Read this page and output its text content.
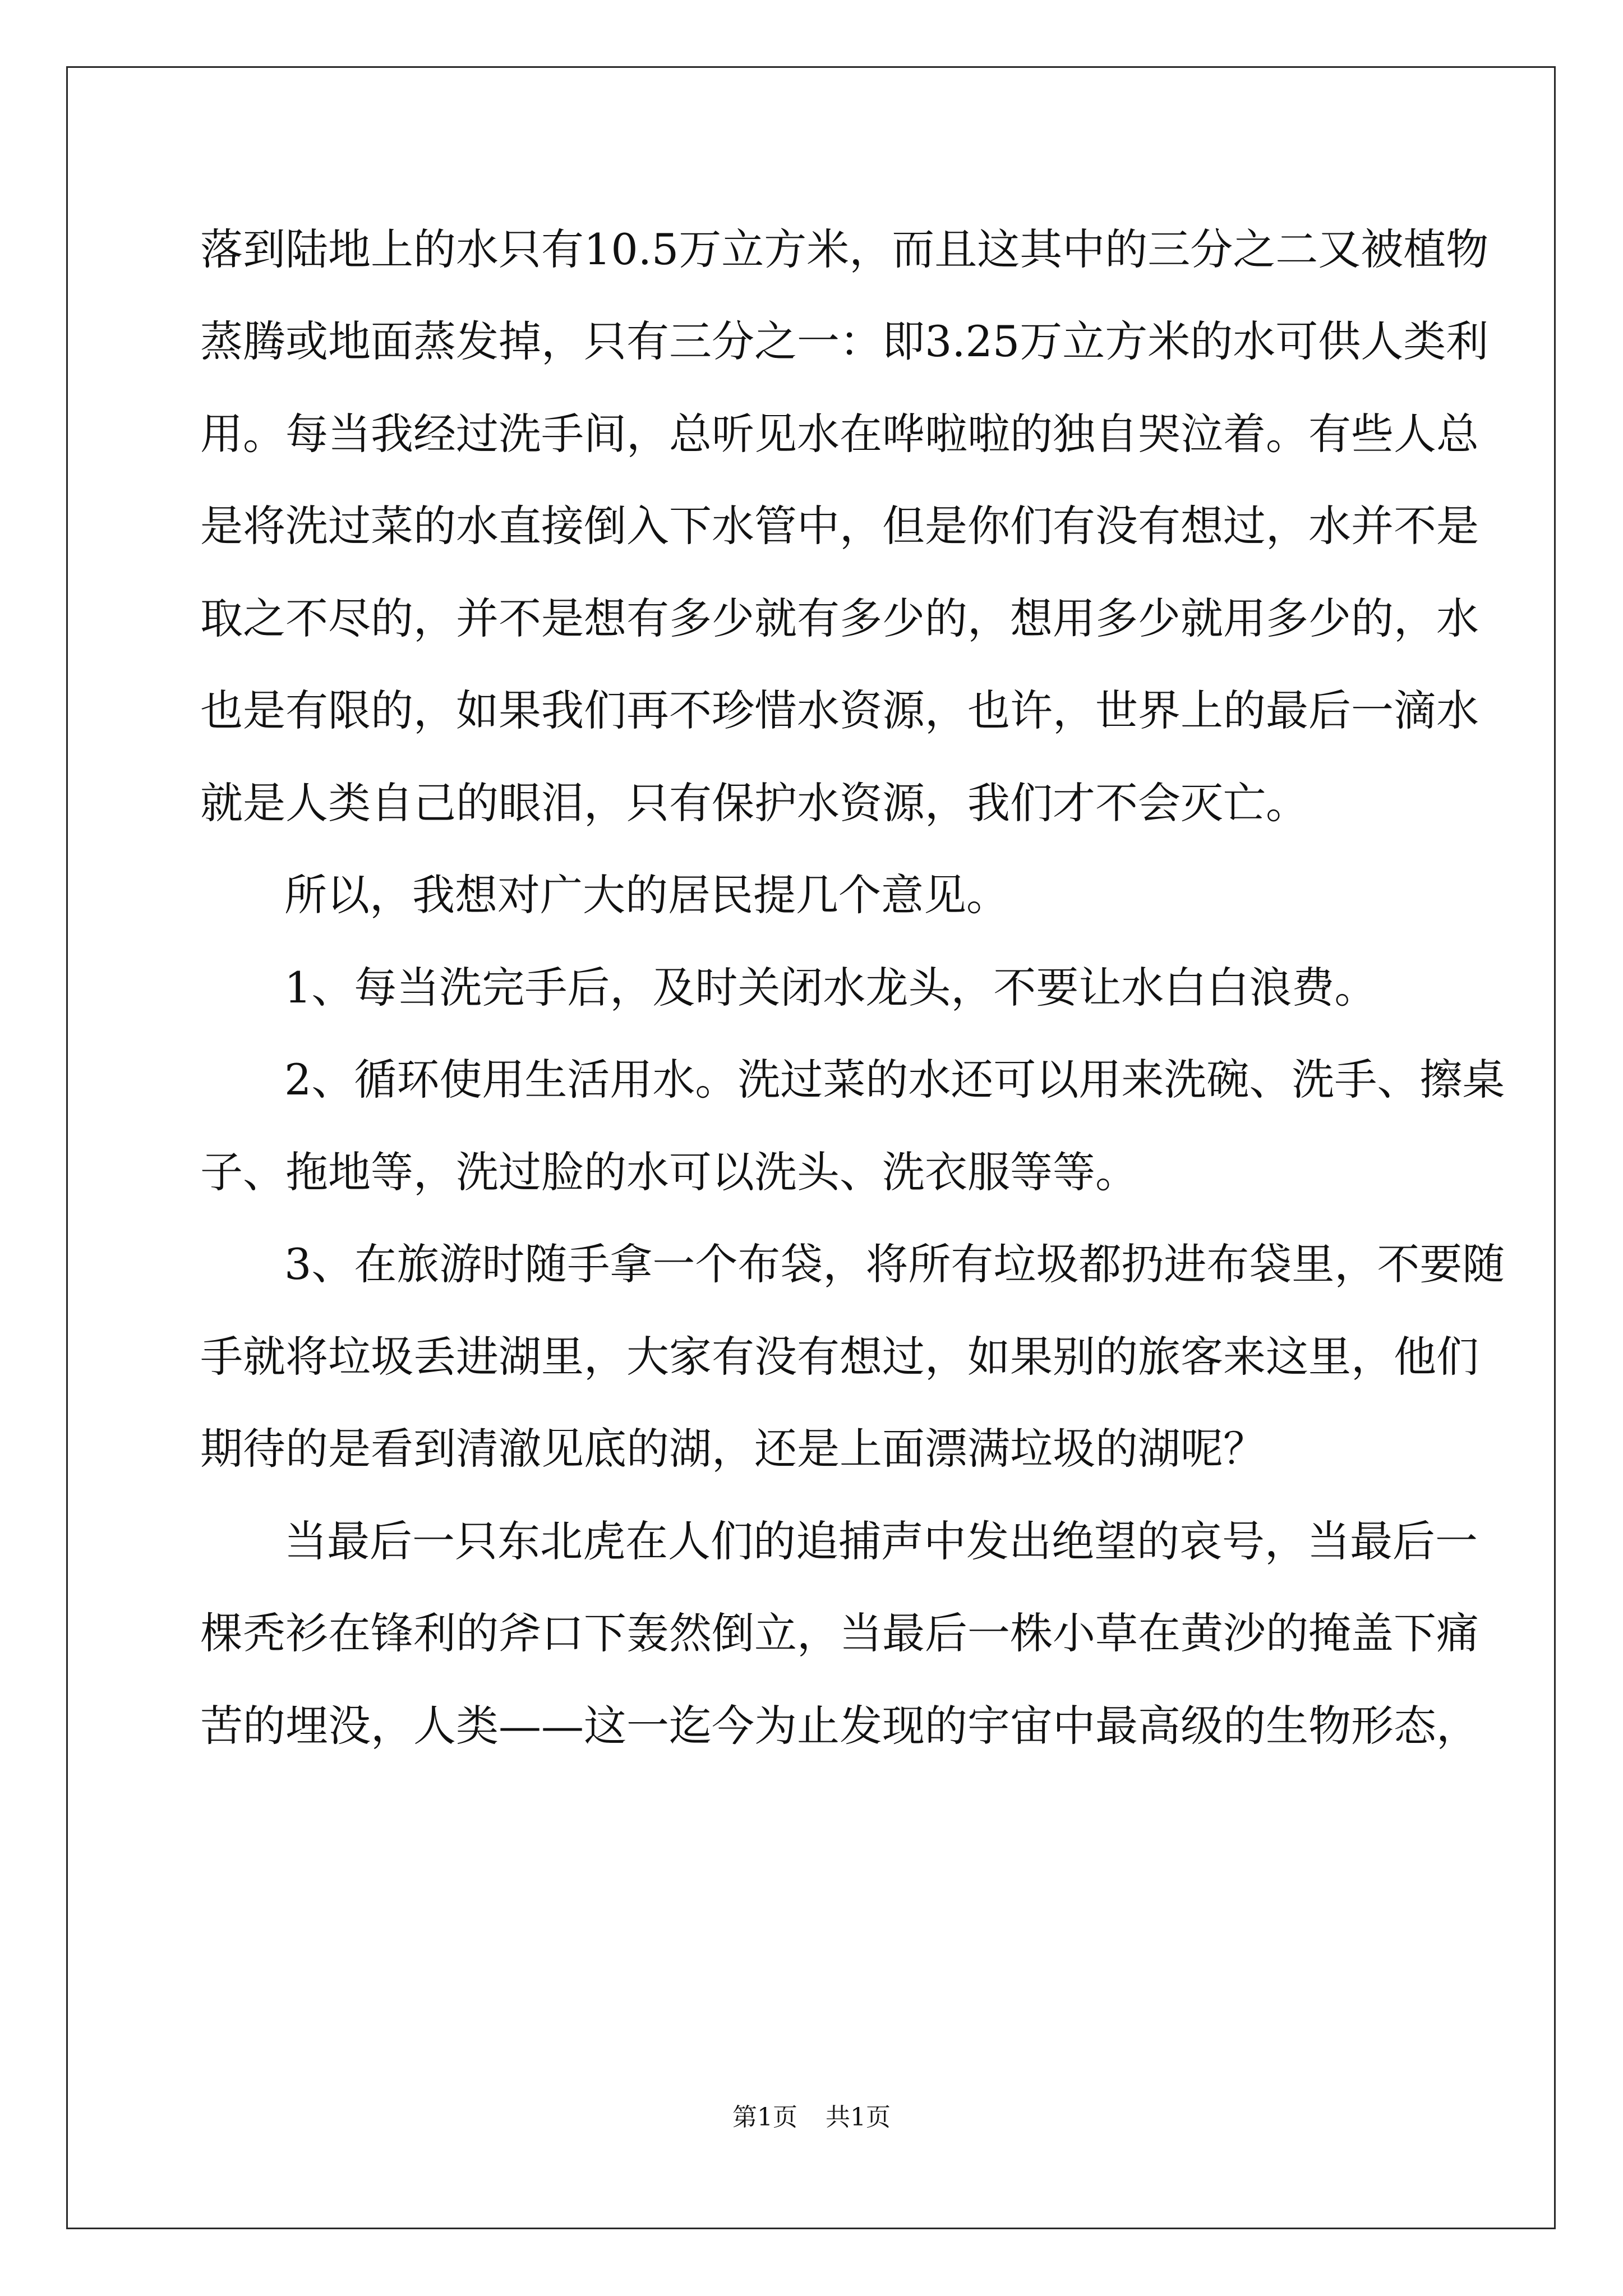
落到陆地上的水只有10.5万立方米，而且这其中的三分之二又被植物
蒸腾或地面蒸发掉，只有三分之一：即3.25万立方米的水可供人类利
用。每当我经过洗手间，总听见水在哗啦啦的独自哭泣着。有些人总
是将洗过菜的水直接倒入下水管中，但是你们有没有想过，水并不是
取之不尽的，并不是想有多少就有多少的，想用多少就用多少的，水
也是有限的，如果我们再不珍惜水资源，也许，世界上的最后一滴水
就是人类自己的眼泪，只有保护水资源，我们才不会灭亡。
所以，我想对广大的居民提几个意见。
1、每当洗完手后，及时关闭水龙头，不要让水白白浪费。
2、循环使用生活用水。洗过菜的水还可以用来洗碗、洗手、擦桌
子、拖地等，洗过脸的水可以洗头、洗衣服等等。
3、在旅游时随手拿一个布袋，将所有垃圾都扔进布袋里，不要随
手就将垃圾丢进湖里，大家有没有想过，如果别的旅客来这里，他们
期待的是看到清澈见底的湖，还是上面漂满垃圾的湖呢？
当最后一只东北虎在人们的追捕声中发出绝望的哀号，当最后一
棵秃衫在锋利的斧口下轰然倒立，当最后一株小草在黄沙的掩盖下痛
苦的埋没，人类——这一迄今为止发现的宇宙中最高级的生物形态，
第1页 共1页
